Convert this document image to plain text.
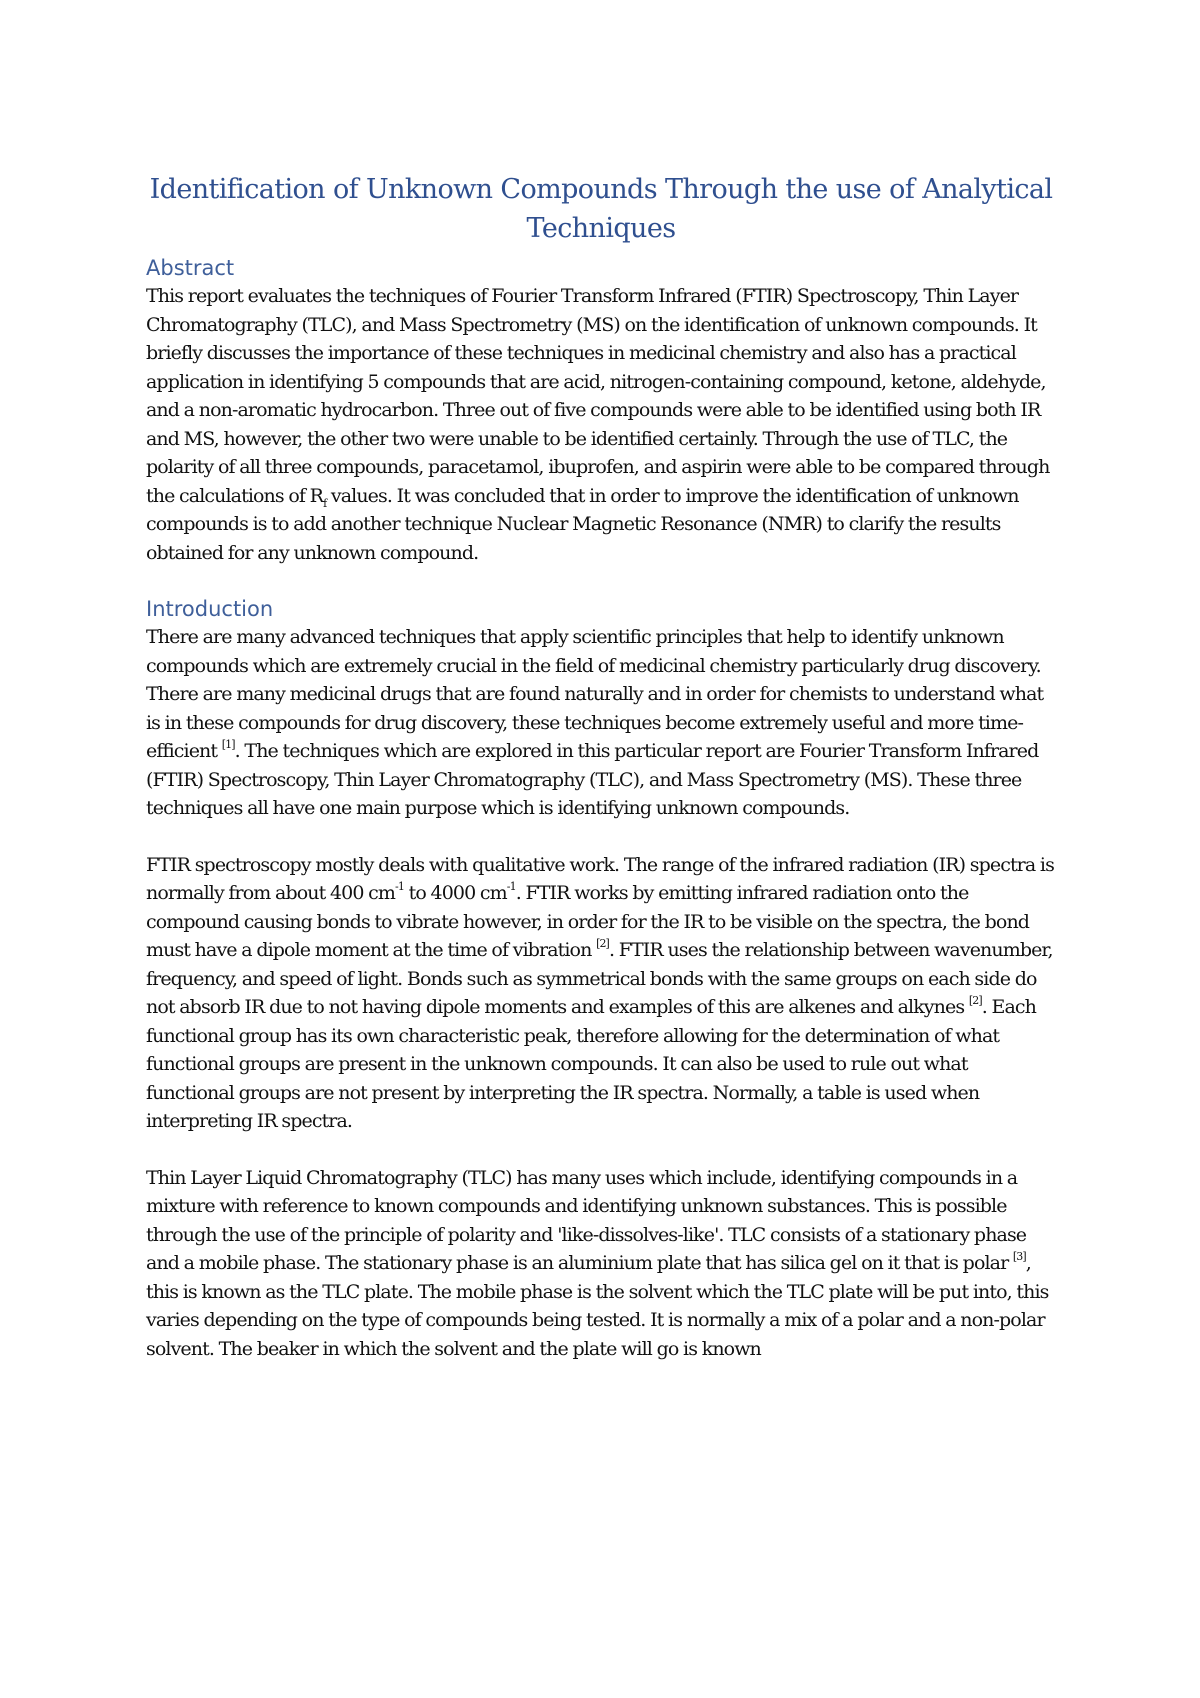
Identification of Unknown Compounds Through the use of Analytical Techniques
Abstract

This report evaluates the techniques of Fourier Transform Infrared (FTIR) Spectroscopy, Thin Layer Chromatography (TLC), and Mass Spectrometry (MS) on the identification of unknown compounds. It briefly discusses the importance of these techniques in medicinal chemistry and also has a practical application in identifying 5 compounds that are acid, nitrogen-containing compound, ketone, aldehyde, and a non-aromatic hydrocarbon. Three out of five compounds were able to be identified using both IR and MS, however, the other two were unable to be identified certainly. Through the use of TLC, the polarity of all three compounds, paracetamol, ibuprofen, and aspirin were able to be compared through the calculations of $R_f$ values. It was concluded that in order to improve the identification of unknown compounds is to add another technique Nuclear Magnetic Resonance (NMR) to clarify the results obtained for any unknown compound.

Introduction

There are many advanced techniques that apply scientific principles that help to identify unknown compounds which are extremely crucial in the field of medicinal chemistry particularly drug discovery. There are many medicinal drugs that are found naturally and in order for chemists to understand what is in these compounds for drug discovery, these techniques become extremely useful and more time-efficient [1]. The techniques which are explored in this particular report are Fourier Transform Infrared (FTIR) Spectroscopy, Thin Layer Chromatography (TLC), and Mass Spectrometry (MS). These three techniques all have one main purpose which is identifying unknown compounds.

FTIR spectroscopy mostly deals with qualitative work. The range of the infrared radiation (IR) spectra is normally from about 400 $cm^{-1}$ to 4000 $cm^{-1}$. FTIR works by emitting infrared radiation onto the compound causing bonds to vibrate however, in order for the IR to be visible on the spectra, the bond must have a dipole moment at the time of vibration [2]. FTIR uses the relationship between wavenumber, frequency, and speed of light. Bonds such as symmetrical bonds with the same groups on each side do not absorb IR due to not having dipole moments and examples of this are alkenes and alkynes [2]. Each functional group has its own characteristic peak, therefore allowing for the determination of what functional groups are present in the unknown compounds. It can also be used to rule out what functional groups are not present by interpreting the IR spectra. Normally, a table is used when interpreting IR spectra.

Thin Layer Liquid Chromatography (TLC) has many uses which include, identifying compounds in a mixture with reference to known compounds and identifying unknown substances. This is possible through the use of the principle of polarity and 'like-dissolves-like'. TLC consists of a stationary phase and a mobile phase. The stationary phase is an aluminium plate that has silica gel on it that is polar [3], this is known as the TLC plate. The mobile phase is the solvent which the TLC plate will be put into, this varies depending on the type of compounds being tested. It is normally a mix of a polar and a non-polar solvent. The beaker in which the solvent and the plate will go is known
